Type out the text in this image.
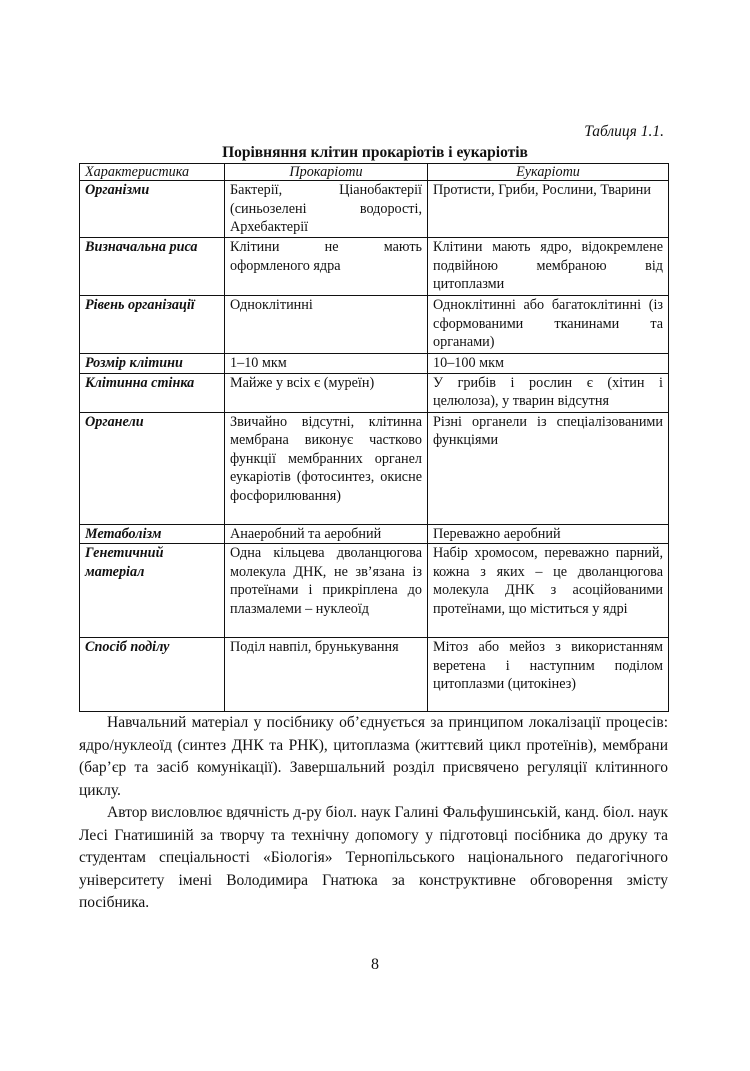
Таблиця 1.1.
Порівняння клітин прокаріотів і еукаріотів
Характеристика	Прокаріоти	Еукаріоти
Організми	Бактерії, Ціанобактерії (синьозелені водорості, Архебактерії	Протисти, Гриби, Рослини, Тварини
Визначальна риса	Клітини не мають оформленого ядра	Клітини мають ядро, відокремлене подвійною мембраною від цитоплазми
Рівень організації	Одноклітинні	Одноклітинні або багатоклітинні (із сформованими тканинами та органами)
Розмір клітини	1–10 мкм	10–100 мкм
Клітинна стінка	Майже у всіх є (муреїн)	У грибів і рослин є (хітин і целюлоза), у тварин відсутня
Органели	Звичайно відсутні, клітинна мембрана виконує частково функції мембранних органел еукаріотів (фотосинтез, окисне фосфорилювання)	Різні органели із спеціалізованими функціями
Метаболізм	Анаеробний та аеробний	Переважно аеробний
Генетичний матеріал	Одна кільцева дволанцюгова молекула ДНК, не зв’язана із протеїнами і прикріплена до плазмалеми – нуклеоїд	Набір хромосом, переважно парний, кожна з яких – це дволанцюгова молекула ДНК з асоційованими протеїнами, що міститься у ядрі
Спосіб поділу	Поділ навпіл, брунькування	Мітоз або мейоз з використанням веретена і наступним поділом цитоплазми (цитокінез)

Навчальний матеріал у посібнику об’єднується за принципом локалізації процесів: ядро/нуклеоїд (синтез ДНК та РНК), цитоплазма (життєвий цикл протеїнів), мембрани (бар’єр та засіб комунікації). Завершальний розділ присвячено регуляції клітинного циклу.

Автор висловлює вдячність д-ру біол. наук Галині Фальфушинській, канд. біол. наук Лесі Гнатишиній за творчу та технічну допомогу у підготовці посібника до друку та студентам спеціальності «Біологія» Тернопільського національного педагогічного університету імені Володимира Гнатюка за конструктивне обговорення змісту посібника.

8
